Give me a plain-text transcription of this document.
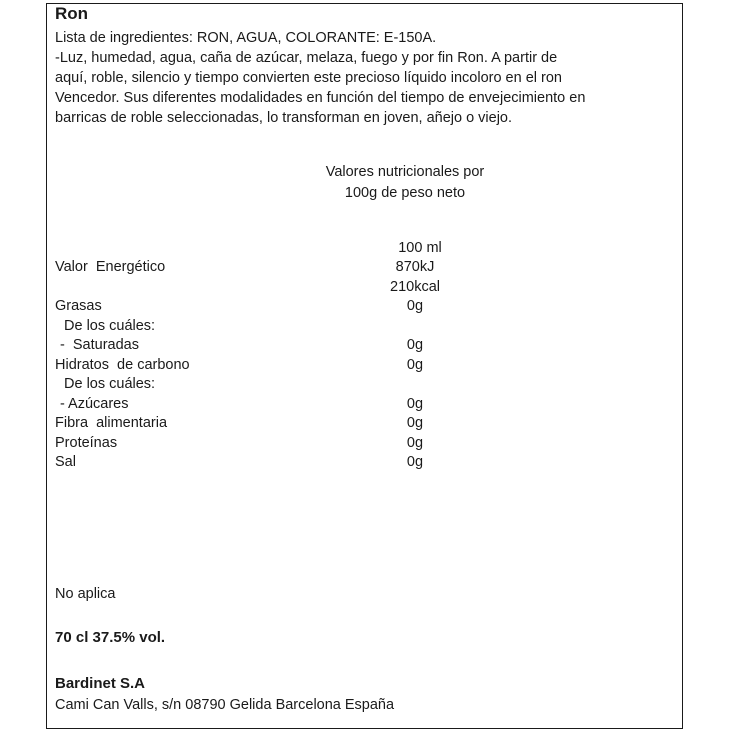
Ron
Lista de ingredientes: RON, AGUA, COLORANTE: E-150A.
-Luz, humedad, agua, caña de azúcar, melaza, fuego y por fin Ron. A partir de
aquí, roble, silencio y tiempo convierten este precioso líquido incoloro en el ron
Vencedor. Sus diferentes modalidades en función del tiempo de envejecimiento en
barricas de roble seleccionadas, lo transforman en joven, añejo o viejo.
Valores nutricionales por
100g de peso neto
100 ml
Valor  Energético	870kJ
210kcal
Grasas	0g
De los cuáles:
-  Saturadas	0g
Hidratos  de carbono	0g
De los cuáles:
- Azúcares	0g
Fibra  alimentaria	0g
Proteínas	0g
Sal	0g
No aplica
70 cl 37.5% vol.
Bardinet S.A
Cami Can Valls, s/n 08790 Gelida Barcelona España
